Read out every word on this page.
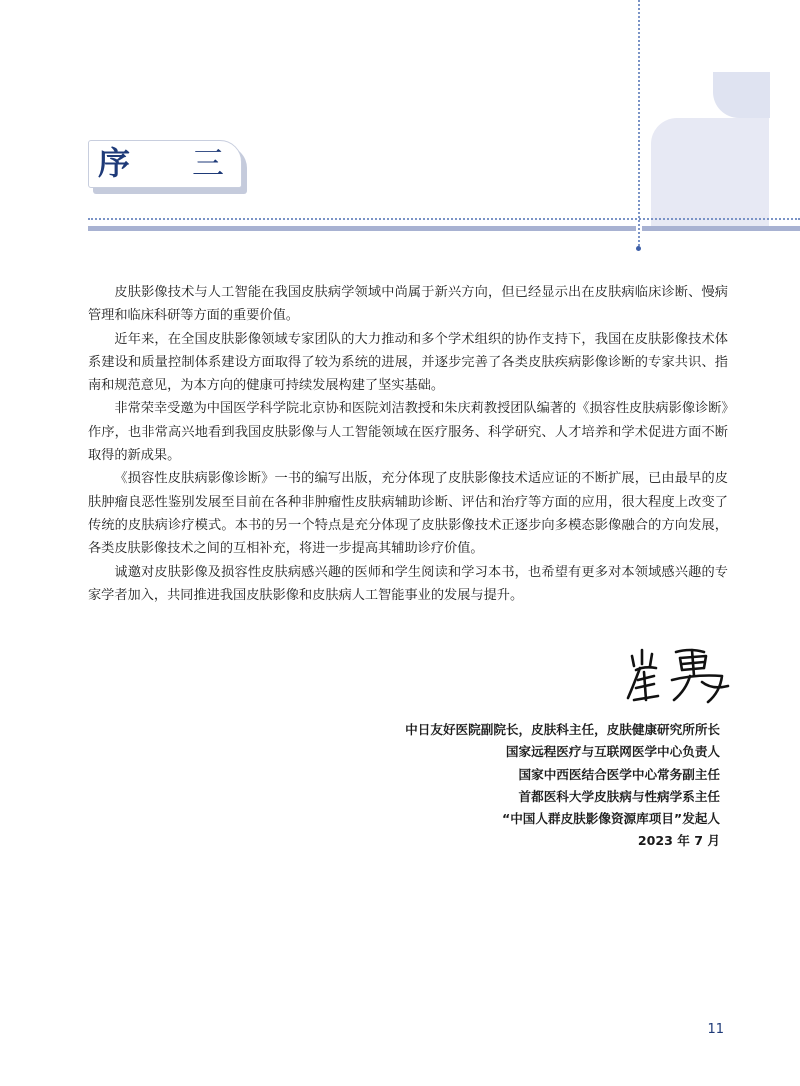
序 三

皮肤影像技术与人工智能在我国皮肤病学领域中尚属于新兴方向，但已经显示出在皮肤病临床诊断、慢病管理和临床科研等方面的重要价值。

近年来，在全国皮肤影像领域专家团队的大力推动和多个学术组织的协作支持下，我国在皮肤影像技术体系建设和质量控制体系建设方面取得了较为系统的进展，并逐步完善了各类皮肤疾病影像诊断的专家共识、指南和规范意见，为本方向的健康可持续发展构建了坚实基础。

非常荣幸受邀为中国医学科学院北京协和医院刘洁教授和朱庆莉教授团队编著的《损容性皮肤病影像诊断》作序，也非常高兴地看到我国皮肤影像与人工智能领域在医疗服务、科学研究、人才培养和学术促进方面不断取得的新成果。

《损容性皮肤病影像诊断》一书的编写出版，充分体现了皮肤影像技术适应证的不断扩展，已由最早的皮肤肿瘤良恶性鉴别发展至目前在各种非肿瘤性皮肤病辅助诊断、评估和治疗等方面的应用，很大程度上改变了传统的皮肤病诊疗模式。本书的另一个特点是充分体现了皮肤影像技术正逐步向多模态影像融合的方向发展，各类皮肤影像技术之间的互相补充，将进一步提高其辅助诊疗价值。

诚邀对皮肤影像及损容性皮肤病感兴趣的医师和学生阅读和学习本书，也希望有更多对本领域感兴趣的专家学者加入，共同推进我国皮肤影像和皮肤病人工智能事业的发展与提升。

中日友好医院副院长，皮肤科主任，皮肤健康研究所所长
国家远程医疗与互联网医学中心负责人
国家中西医结合医学中心常务副主任
首都医科大学皮肤病与性病学系主任
“中国人群皮肤影像资源库项目”发起人
2023 年 7 月
11
